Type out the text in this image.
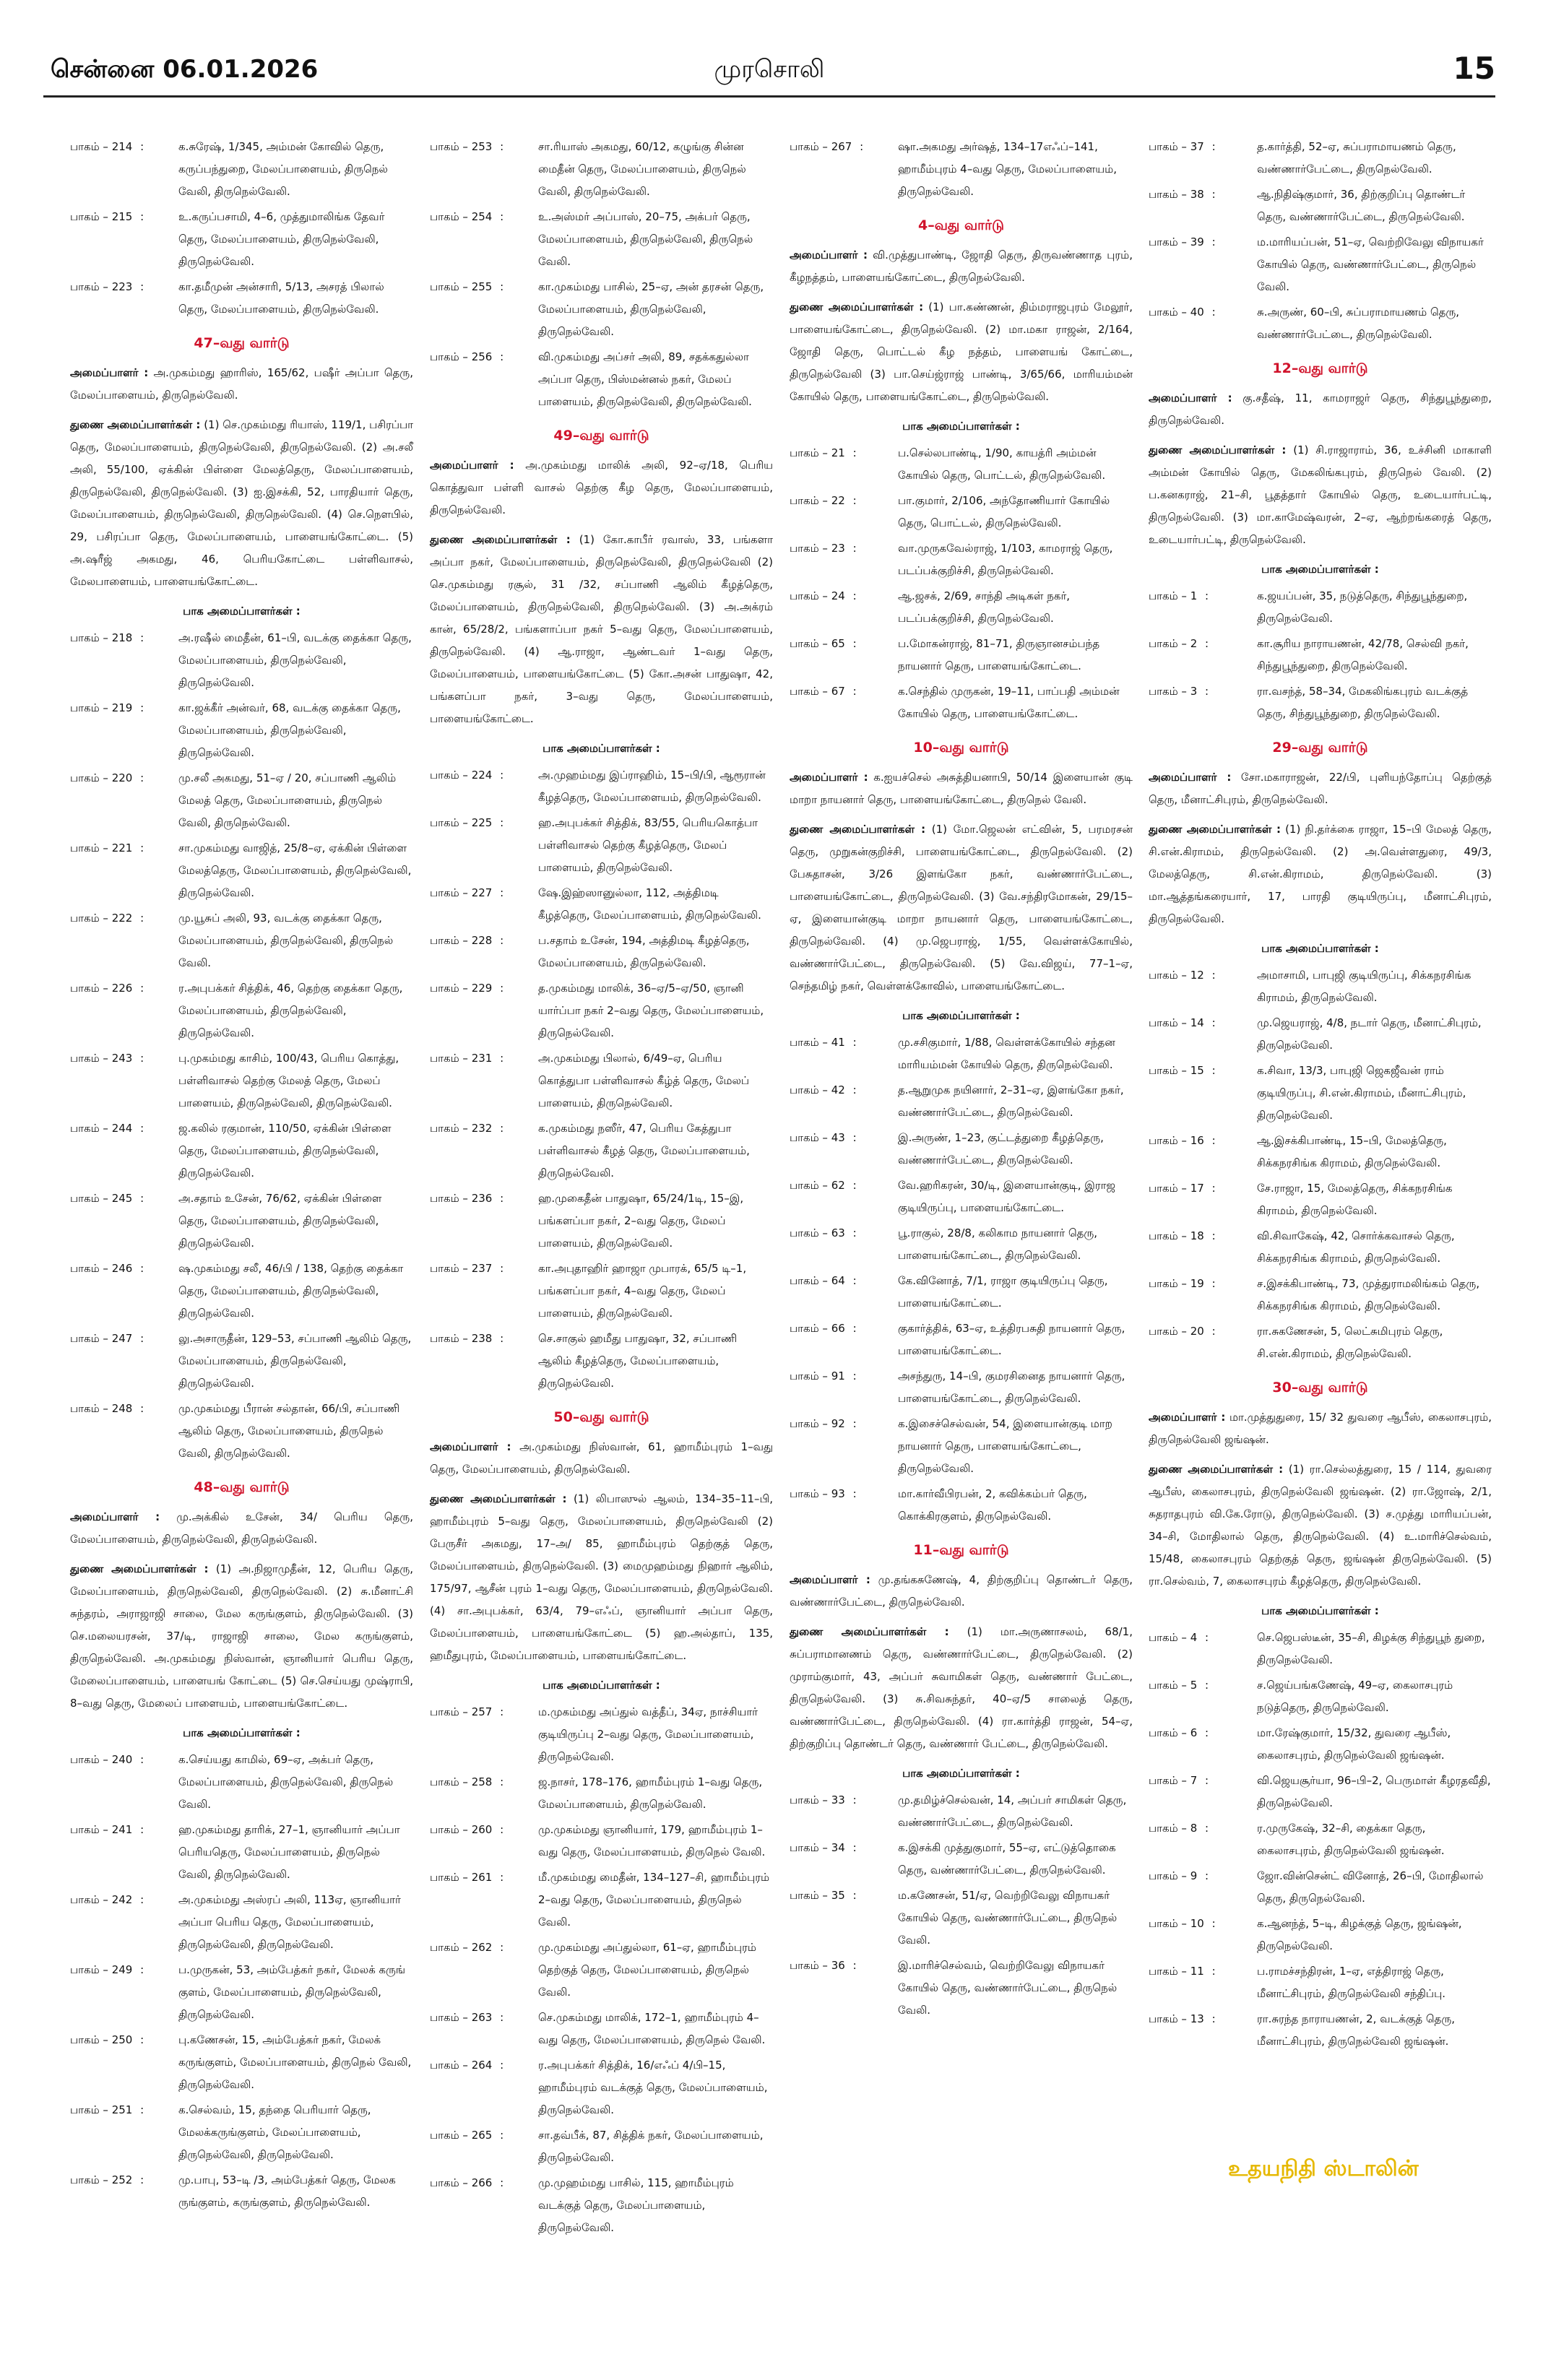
சென்னை 06.01.2026	முரசொலி	15
பாகம் – 214 :	க.சுரேஷ், 1/345, அம்மன் கோவில் தெரு, கருப்பந்துறை, மேலப்பாளையம், திருநெல் வேலி, திருநெல்வேலி.
பாகம் – 215 :	உ.கருப்பசாமி, 4–6, முத்துமாலிங்க தேவர் தெரு, மேலப்பாளையம், திருநெல்வேலி, திருநெல்வேலி.
பாகம் – 223 :	கா.தமீமுன் அன்சாரி, 5/13, அசரத் பிலால் தெரு, மேலப்பாளையம், திருநெல்வேலி.
47–வது வார்டு
அமைப்பாளர் : அ.முகம்மது ஹாரிஸ், 165/62, பஷீர் அப்பா தெரு, மேலப்பாளையம், திருநெல்வேலி.
துணை அமைப்பாளர்கள் : (1) செ.முகம்மது ரியாஸ், 119/1, பசிரப்பா தெரு, மேலப்பாளையம், திருநெல்வேலி, திருநெல்வேலி. (2) அ.சலீ அலி, 55/100, ஏக்கின் பிள்ளை மேலத்தெரு, மேலப்பாளையம், திருநெல்வேலி, திருநெல்வேலி. (3) ஐ.இசக்கி, 52, பாரதியார் தெரு, மேலப்பாளையம், திருநெல்வேலி, திருநெல்வேலி. (4) செ.நௌபில், 29, பசிரப்பா தெரு, மேலப்பாளையம், பாளையங்கோட்டை. (5) அ.ஷரீஜ் அகமது, 46, பெரியகோட்டை பள்ளிவாசல், மேலபாளையம், பாளையங்கோட்டை.
பாக அமைப்பாளர்கள் :
பாகம் – 218 :	அ.ரஷீல் மைதீன், 61–பி, வடக்கு தைக்கா தெரு, மேலப்பாளையம், திருநெல்வேலி, திருநெல்வேலி.
பாகம் – 219 :	கா.ஜக்கீர் அன்வர், 68, வடக்கு தைக்கா தெரு, மேலப்பாளையம், திருநெல்வேலி, திருநெல்வேலி.
பாகம் – 220 :	மு.சலீ அகமது, 51–ஏ / 20, சப்பாணி ஆலிம் மேலத் தெரு, மேலப்பாளையம், திருநெல் வேலி, திருநெல்வேலி.
பாகம் – 221 :	சா.முகம்மது வாஜித், 25/8–ஏ, ஏக்கின் பிள்ளை மேலத்தெரு, மேலப்பாளையம், திருநெல்வேலி, திருநெல்வேலி.
பாகம் – 222 :	மு.யூசுப் அலி, 93, வடக்கு தைக்கா தெரு, மேலப்பாளையம், திருநெல்வேலி, திருநெல் வேலி.
பாகம் – 226 :	ர.அபுபக்கர் சித்திக், 46, தெற்கு தைக்கா தெரு, மேலப்பாளையம், திருநெல்வேலி, திருநெல்வேலி.
பாகம் – 243 :	பு.முகம்மது காசிம், 100/43, பெரிய கொத்து, பள்ளிவாசல் தெற்கு மேலத் தெரு, மேலப் பாளையம், திருநெல்வேலி, திருநெல்வேலி.
பாகம் – 244 :	ஜ.கலில் ரகுமான், 110/50, ஏக்கின் பிள்ளை தெரு, மேலப்பாளையம், திருநெல்வேலி, திருநெல்வேலி.
பாகம் – 245 :	அ.சதாம் உசேன், 76/62, ஏக்கின் பிள்ளை தெரு, மேலப்பாளையம், திருநெல்வேலி, திருநெல்வேலி.
பாகம் – 246 :	ஷ.முகம்மது சலீ, 46/பி / 138, தெற்கு தைக்கா தெரு, மேலப்பாளையம், திருநெல்வேலி, திருநெல்வேலி.
பாகம் – 247 :	லு.அசாருதீன், 129–53, சப்பாணி ஆலிம் தெரு, மேலப்பாளையம், திருநெல்வேலி, திருநெல்வேலி.
பாகம் – 248 :	மு.முகம்மது பீரான் சல்தான், 66/பி, சப்பாணி ஆலிம் தெரு, மேலப்பாளையம், திருநெல் வேலி, திருநெல்வேலி.
48–வது வார்டு
அமைப்பாளர் : மு.அக்கில் உசேன், 34/ பெரிய தெரு, மேலப்பாளையம், திருநெல்வேலி, திருநெல்வேலி.
துணை அமைப்பாளர்கள் : (1) அ.நிஜாமுதீன், 12, பெரிய தெரு, மேலப்பாளையம், திருநெல்வேலி, திருநெல்வேலி. (2) சு.மீனாட்சி சுந்தரம், அராஜாஜி சாலை, மேல கருங்குளம், திருநெல்வேலி. (3) செ.மலையரசன், 37/டி, ராஜாஜி சாலை, மேல கருங்குளம், திருநெல்வேலி. அ.முகம்மது நிஸ்வான், ஞானியார் பெரிய தெரு, மேலைப்பாளையம், பாளையங் கோட்டை (5) செ.செய்யது முஷ்ராபி, 8–வது தெரு, மேலைப் பாளையம், பாளையங்கோட்டை.
பாக அமைப்பாளர்கள் :
பாகம் – 240 :	க.செய்யது காமில், 69–ஏ, அக்பர் தெரு, மேலப்பாளையம், திருநெல்வேலி, திருநெல் வேலி.
பாகம் – 241 :	ஹ.முகம்மது தாரிக், 27–1, ஞானியார் அப்பா பெரியதெரு, மேலப்பாளையம், திருநெல் வேலி, திருநெல்வேலி.
பாகம் – 242 :	அ.முகம்மது அஸ்ரப் அலி, 113ஏ, ஞானியார் அப்பா பெரிய தெரு, மேலப்பாளையம், திருநெல்வேலி, திருநெல்வேலி.
பாகம் – 249 :	ப.முருகன், 53, அம்பேத்கர் நகர், மேலக் கருங் குளம், மேலப்பாளையம், திருநெல்வேலி, திருநெல்வேலி.
பாகம் – 250 :	பு.கணேசன், 15, அம்பேத்கர் நகர், மேலக் கருங்குளம், மேலப்பாளையம், திருநெல் வேலி, திருநெல்வேலி.
பாகம் – 251 :	க.செல்வம், 15, தந்தை பெரியார் தெரு, மேலக்கருங்குளம், மேலப்பாளையம், திருநெல்வேலி, திருநெல்வேலி.
பாகம் – 252 :	மு.பாபு, 53–டி /3, அம்பேத்கர் தெரு, மேலக ருங்குளம், கருங்குளம், திருநெல்வேலி.
பாகம் – 253 :	சா.ரியாஸ் அகமது, 60/12, கழுங்கு சின்ன மைதீன் தெரு, மேலப்பாளையம், திருநெல் வேலி, திருநெல்வேலி.
பாகம் – 254 :	உ.அஸ்மர் அப்பாஸ், 20–75, அக்பர் தெரு, மேலப்பாளையம், திருநெல்வேலி, திருநெல் வேலி.
பாகம் – 255 :	கா.முகம்மது பாசில், 25–ஏ, அன் தரசன் தெரு, மேலப்பாளையம், திருநெல்வேலி, திருநெல்வேலி.
பாகம் – 256 :	வி.முகம்மது அப்சர் அலி, 89, சதக்கதுல்லா அப்பா தெரு, பிஸ்மன்னல் நகர், மேலப் பாளையம், திருநெல்வேலி, திருநெல்வேலி.
49–வது வார்டு
அமைப்பாளர் : அ.முகம்மது மாலிக் அலி, 92–ஏ/18, பெரிய கொத்துவா பள்ளி வாசல் தெற்கு கீழ தெரு, மேலப்பாளையம், திருநெல்வேலி.
துணை அமைப்பாளர்கள் : (1) கோ.காபீர் ரவாஸ், 33, பங்களா அப்பா நகர், மேலப்பாளையம், திருநெல்வேலி, திருநெல்வேலி (2) செ.முகம்மது ரசூல், 31 /32, சப்பாணி ஆலிம் கீழத்தெரு, மேலப்பாளையம், திருநெல்வேலி, திருநெல்வேலி. (3) அ.அக்ரம் கான், 65/28/2, பங்களாப்பா நகர் 5–வது தெரு, மேலப்பாளையம், திருநெல்வேலி. (4) ஆ.ராஜா, ஆண்டவர் 1–வது தெரு, மேலப்பாளையம், பாளையங்கோட்டை (5) கோ.அசன் பாதுஷா, 42, பங்களப்பா நகர், 3–வது தெரு, மேலப்பாளையம், பாளையங்கோட்டை.
பாக அமைப்பாளர்கள் :
பாகம் – 224 :	அ.முஹம்மது இப்ராஹிம், 15–பி/பி, ஆரூரான் கீழத்தெரு, மேலப்பாளையம், திருநெல்வேலி.
பாகம் – 225 :	ஹ.அபுபக்கர் சித்திக், 83/55, பெரியகொத்பா பள்ளிவாசல் தெற்கு கீழத்தெரு, மேலப் பாளையம், திருநெல்வேலி.
பாகம் – 227 :	ஷே.இஹ்ஸானுல்லா, 112, அத்திமடி கீழத்தெரு, மேலப்பாளையம், திருநெல்வேலி.
பாகம் – 228 :	ப.சதாம் உசேன், 194, அத்திமடி கீழத்தெரு, மேலப்பாளையம், திருநெல்வேலி.
பாகம் – 229 :	த.முகம்மது மாலிக், 36–ஏ/5–ஏ/50, ஞானி யார்ப்பா நகர் 2–வது தெரு, மேலப்பாளையம், திருநெல்வேலி.
பாகம் – 231 :	அ.முகம்மது பிலால், 6/49–ஏ, பெரிய கொத்துபா பள்ளிவாசல் கீழ்த் தெரு, மேலப் பாளையம், திருநெல்வேலி.
பாகம் – 232 :	க.முகம்மது நஸீர், 47, பெரிய கேத்துபா பள்ளிவாசல் கீழத் தெரு, மேலப்பாளையம், திருநெல்வேலி.
பாகம் – 236 :	ஹ.முகைதீன் பாதுஷா, 65/24/1டி, 15–இ, பங்களப்பா நகர், 2–வது தெரு, மேலப் பாளையம், திருநெல்வேலி.
பாகம் – 237 :	கா.அபுதாஹிர் ஹாஜா முபாரக், 65/5 டி–1, பங்களப்பா நகர், 4–வது தெரு, மேலப் பாளையம், திருநெல்வேலி.
பாகம் – 238 :	செ.சாகுல் ஹமீது பாதுஷா, 32, சப்பாணி ஆலிம் கீழத்தெரு, மேலப்பாளையம், திருநெல்வேலி.
50–வது வார்டு
அமைப்பாளர் : அ.முகம்மது நிஸ்வான், 61, ஹாமீம்புரம் 1–வது தெரு, மேலப்பாளையம், திருநெல்வேலி.
துணை அமைப்பாளர்கள் : (1) லிபாஸுல் ஆலம், 134–35–11–பி, ஹாமீம்புரம் 5–வது தெரு, மேலப்பாளையம், திருநெல்வேலி (2) பேருசீர் அகமது, 17–அ/ 85, ஹாமீம்புரம் தெற்குத் தெரு, மேலப்பாளையம், திருநெல்வேலி. (3) மைமுஹம்மது நிஹார் ஆலிம், 175/97, ஆசீன் புரம் 1–வது தெரு, மேலப்பாளையம், திருநெல்வேலி. (4) சா.அபுபக்கர், 63/4, 79–எஃப், ஞானியார் அப்பா தெரு, மேலப்பாளையம், பாளையங்கோட்டை (5) ஹ.அல்தாப், 135, ஹமீதுபுரம், மேலப்பாளையம், பாளையங்கோட்டை.
பாக அமைப்பாளர்கள் :
பாகம் – 257 :	ம.முகம்மது அப்துல் வத்தீப், 34ஏ, நாச்சியார் குடியிருப்பு 2–வது தெரு, மேலப்பாளையம், திருநெல்வேலி.
பாகம் – 258 :	ஜ.நாசர், 178–176, ஹாமீம்புரம் 1–வது தெரு, மேலப்பாளையம், திருநெல்வேலி.
பாகம் – 260 :	மு.முகம்மது ஞானியார், 179, ஹாமீம்புரம் 1–வது தெரு, மேலப்பாளையம், திருநெல் வேலி.
பாகம் – 261 :	மீ.முகம்மது மைதீன், 134–127–சி, ஹாமீம்புரம் 2–வது தெரு, மேலப்பாளையம், திருநெல் வேலி.
பாகம் – 262 :	மு.முகம்மது அப்துல்லா, 61–ஏ, ஹாமீம்புரம் தெற்குத் தெரு, மேலப்பாளையம், திருநெல் வேலி.
பாகம் – 263 :	செ.முகம்மது மாலிக், 172–1, ஹாமீம்புரம் 4–வது தெரு, மேலப்பாளையம், திருநெல் வேலி.
பாகம் – 264 :	ர.அபுபக்கர் சித்திக், 16/எஃப் 4/பி–15, ஹாமீம்புரம் வடக்குத் தெரு, மேலப்பாளையம், திருநெல்வேலி.
பாகம் – 265 :	சா.தவ்பீக், 87, சித்திக் நகர், மேலப்பாளையம், திருநெல்வேலி.
பாகம் – 266 :	மு.முஹம்மது பாசில், 115, ஹாமீம்புரம் வடக்குத் தெரு, மேலப்பாளையம், திருநெல்வேலி.
பாகம் – 267 :	ஷா.அகமது அர்ஷத், 134–17எஃப்–141, ஹாமீம்புரம் 4–வது தெரு, மேலப்பாளையம், திருநெல்வேலி.
4–வது வார்டு
அமைப்பாளர் : வி.முத்துபாண்டி, ஜோதி தெரு, திருவண்ணாத புரம், கீழநத்தம், பாளையங்கோட்டை, திருநெல்வேலி.
துணை அமைப்பாளர்கள் : (1) பா.கண்ணன், திம்மராஜபுரம் மேலூர், பாளையங்கோட்டை, திருநெல்வேலி. (2) மா.மகா ராஜன், 2/164, ஜோதி தெரு, பொட்டல் கீழ நத்தம், பாளையங் கோட்டை, திருநெல்வேலி (3) பா.செய்ஜ்ராஜ் பாண்டி, 3/65/66, மாரியம்மன் கோயில் தெரு, பாளையங்கோட்டை, திருநெல்வேலி.
பாக அமைப்பாளர்கள் :
பாகம் – 21 :	ப.செல்லபாண்டி, 1/90, காயத்ரி அம்மன் கோயில் தெரு, பொட்டல், திருநெல்வேலி.
பாகம் – 22 :	பா.குமார், 2/106, அந்தோணியார் கோயில் தெரு, பொட்டல், திருநெல்வேலி.
பாகம் – 23 :	வா.முருகவேல்ராஜ், 1/103, காமராஜ் தெரு, படப்பக்குறிச்சி, திருநெல்வேலி.
பாகம் – 24 :	ஆ.ஜசக், 2/69, சாந்தி அடிகள் நகர், படப்பக்குறிச்சி, திருநெல்வேலி.
பாகம் – 65 :	ப.மோகன்ராஜ், 81–71, திருஞானசம்பந்த நாயனார் தெரு, பாளையங்கோட்டை.
பாகம் – 67 :	க.செந்தில் முருகன், 19–11, பாப்பதி அம்மன் கோயில் தெரு, பாளையங்கோட்டை.
10–வது வார்டு
அமைப்பாளர் : க.ஐயச்செல் அசுத்தியனாபி, 50/14 இளையான் குடி மாறா நாயனார் தெரு, பாளையங்கோட்டை, திருநெல் வேலி.
துணை அமைப்பாளர்கள் : (1) மோ.ஜெலன் எட்வின், 5, பரமரசன் தெரு, முறுகன்குறிச்சி, பாளையங்கோட்டை, திருநெல்வேலி. (2) பேசுதாசன், 3/26 இளங்கோ நகர், வண்ணார்பேட்டை, பாளையங்கோட்டை, திருநெல்வேலி. (3) வே.சந்திரமோகன், 29/15–ஏ, இளையான்குடி மாறா நாயனார் தெரு, பாளையங்கோட்டை, திருநெல்வேலி. (4) மு.ஜெபராஜ், 1/55, வெள்ளக்கோயில், வண்ணார்பேட்டை, திருநெல்வேலி. (5) வே.விஜய், 77–1–ஏ, செந்தமிழ் நகர், வெள்ளக்கோவில், பாளையங்கோட்டை.
பாக அமைப்பாளர்கள் :
பாகம் – 41 :	மு.சசிகுமார், 1/88, வெள்ளக்கோயில் சந்தன மாரியம்மன் கோயில் தெரு, திருநெல்வேலி.
பாகம் – 42 :	த.ஆறுமுக நயினார், 2–31–ஏ, இளங்கோ நகர், வண்ணார்பேட்டை, திருநெல்வேலி.
பாகம் – 43 :	இ.அருண், 1–23, குட்டத்துறை கீழத்தெரு, வண்ணார்பேட்டை, திருநெல்வேலி.
பாகம் – 62 :	வே.ஹரிகரன், 30/டி, இளையான்குடி, இராஜ குடியிருப்பு, பாளையங்கோட்டை.
பாகம் – 63 :	பூ.ராகுல், 28/8, கலிகாம நாயனார் தெரு, பாளையங்கோட்டை, திருநெல்வேலி.
பாகம் – 64 :	கே.வினோத், 7/1, ராஜா குடியிருப்பு தெரு, பாளையங்கோட்டை.
பாகம் – 66 :	குகார்த்திக், 63–ஏ, உத்திரபசுதி நாயனார் தெரு, பாளையங்கோட்டை.
பாகம் – 91 :	அசந்துரு, 14–பி, குமரசினைத நாயனார் தெரு, பாளையங்கோட்டை, திருநெல்வேலி.
பாகம் – 92 :	க.இசைச்செல்வன், 54, இளையான்குடி மாற நாயனார் தெரு, பாளையங்கோட்டை, திருநெல்வேலி.
பாகம் – 93 :	மா.கார்வீபிரபன், 2, கவிக்கம்பர் தெரு, கொக்கிரகுளம், திருநெல்வேலி.
11–வது வார்டு
அமைப்பாளர் : மு.தங்கசுணேஷ், 4, திற்குறிப்பு தொண்டர் தெரு, வண்ணார்பேட்டை, திருநெல்வேலி.
துணை அமைப்பாளர்கள் : (1) மா.அருணாசலம், 68/1, சுப்பராமானணம் தெரு, வண்ணார்பேட்டை, திருநெல்வேலி. (2) முராம்குமார், 43, அப்பர் சுவாமிகள் தெரு, வண்ணார் பேட்டை, திருநெல்வேலி. (3) சு.சிவசுந்தர், 40–ஏ/5 சாலைத் தெரு, வண்ணார்பேட்டை, திருநெல்வேலி. (4) ரா.கார்த்தி ராஜன், 54–ஏ, திற்குறிப்பு தொண்டர் தெரு, வண்ணார் பேட்டை, திருநெல்வேலி.
பாக அமைப்பாளர்கள் :
பாகம் – 33 :	மு.தமிழ்ச்செல்வன், 14, அப்பர் சாமிகள் தெரு, வண்ணார்பேட்டை, திருநெல்வேலி.
பாகம் – 34 :	க.இசக்கி முத்துகுமார், 55–ஏ, எட்டுத்தொகை தெரு, வண்ணார்பேட்டை, திருநெல்வேலி.
பாகம் – 35 :	ம.கணேசன், 51/ஏ, வெற்றிவேலு விநாயகர் கோயில் தெரு, வண்ணார்பேட்டை, திருநெல் வேலி.
பாகம் – 36 :	இ.மாரிச்செல்வம், வெற்றிவேலு விநாயகர் கோயில் தெரு, வண்ணார்பேட்டை, திருநெல் வேலி.
பாகம் – 37 :	த.கார்த்தி, 52–ஏ, சுப்பராமாயணம் தெரு, வண்ணார்பேட்டை, திருநெல்வேலி.
பாகம் – 38 :	ஆ.நிதிஷ்குமார், 36, திற்குறிப்பு தொண்டர் தெரு, வண்ணார்பேட்டை, திருநெல்வேலி.
பாகம் – 39 :	ம.மாரியப்பன், 51–ஏ, வெற்றிவேலு விநாயகர் கோயில் தெரு, வண்ணார்பேட்டை, திருநெல் வேலி.
பாகம் – 40 :	சு.அருண், 60–பி, சுப்பராமாயணம் தெரு, வண்ணார்பேட்டை, திருநெல்வேலி.
12–வது வார்டு
அமைப்பாளர் : கு.சதீஷ், 11, காமராஜர் தெரு, சிந்துபூந்துறை, திருநெல்வேலி.
துணை அமைப்பாளர்கள் : (1) சி.ராஜாராம், 36, உச்சினி மாகாளி அம்மன் கோயில் தெரு, மேகலிங்கபுரம், திருநெல் வேலி. (2) ப.கனகராஜ், 21–சி, பூதத்தார் கோயில் தெரு, உடையார்பட்டி, திருநெல்வேலி. (3) மா.காமேஷ்வரன், 2–ஏ, ஆற்றங்கரைத் தெரு, உடையார்பட்டி, திருநெல்வேலி.
பாக அமைப்பாளர்கள் :
பாகம் – 1 :	க.ஜயப்பன், 35, நடுத்தெரு, சிந்துபூந்துறை, திருநெல்வேலி.
பாகம் – 2 :	கா.சூரிய நாராயணன், 42/78, செல்வி நகர், சிந்துபூந்துறை, திருநெல்வேலி.
பாகம் – 3 :	ரா.வசந்த், 58–34, மேகலிங்கபுரம் வடக்குத் தெரு, சிந்துபூந்துறை, திருநெல்வேலி.
29–வது வார்டு
அமைப்பாளர் : சோ.மகாராஜன், 22/பி, புளியந்தோப்பு தெற்குத் தெரு, மீனாட்சிபுரம், திருநெல்வேலி.
துணை அமைப்பாளர்கள் : (1) நி.தர்க்கை ராஜா, 15–பி மேலத் தெரு, சி.என்.கிராமம், திருநெல்வேலி. (2) அ.வெள்ளதுரை, 49/3, மேலத்தெரு, சி.என்.கிராமம், திருநெல்வேலி. (3) மா.ஆத்தங்கரையார், 17, பாரதி குடியிருப்பு, மீனாட்சிபுரம், திருநெல்வேலி.
பாக அமைப்பாளர்கள் :
பாகம் – 12 :	அமாசாமி, பாபுஜி குடியிருப்பு, சிக்கநரசிங்க கிராமம், திருநெல்வேலி.
பாகம் – 14 :	மு.ஜெயராஜ், 4/8, நடார் தெரு, மீனாட்சிபுரம், திருநெல்வேலி.
பாகம் – 15 :	க.சிவா, 13/3, பாபுஜி ஜெகஜீவன் ராம் குடியிருப்பு, சி.என்.கிராமம், மீனாட்சிபுரம், திருநெல்வேலி.
பாகம் – 16 :	ஆ.இசக்கிபாண்டி, 15–பி, மேலத்தெரு, சிக்கநரசிங்க கிராமம், திருநெல்வேலி.
பாகம் – 17 :	சே.ராஜா, 15, மேலத்தெரு, சிக்கநரசிங்க கிராமம், திருநெல்வேலி.
பாகம் – 18 :	வி.சிவாகேஷ், 42, சொர்க்கவாசல் தெரு, சிக்கநரசிங்க கிராமம், திருநெல்வேலி.
பாகம் – 19 :	ச.இசக்கிபாண்டி, 73, முத்துராமலிங்கம் தெரு, சிக்கநரசிங்க கிராமம், திருநெல்வேலி.
பாகம் – 20 :	ரா.சுகணேசன், 5, லெட்சுமிபுரம் தெரு, சி.என்.கிராமம், திருநெல்வேலி.
30–வது வார்டு
அமைப்பாளர் : மா.முத்துதுரை, 15/ 32 துவரை ஆபீஸ், கைலாசபுரம், திருநெல்வேலி ஜங்ஷன்.
துணை அமைப்பாளர்கள் : (1) ரா.செல்லத்துரை, 15 / 114, துவரை ஆபீஸ், கைலாசபுரம், திருநெல்வேலி ஜங்ஷன். (2) ரா.ஜோஷ், 2/1, சுதராதபுரம் வி.கே.ரோடு, திருநெல்வேலி. (3) ச.முத்து மாரியப்பன், 34–சி, மோதிலால் தெரு, திருநெல்வேலி. (4) உ.மாரிச்செல்வம், 15/48, கைலாசபுரம் தெற்குத் தெரு, ஜங்ஷன் திருநெல்வேலி. (5) ரா.செல்வம், 7, கைலாசபுரம் கீழத்தெரு, திருநெல்வேலி.
பாக அமைப்பாளர்கள் :
பாகம் – 4 :	செ.ஜெபஸ்டீன், 35–சி, கிழக்கு சிந்துபூந் துறை, திருநெல்வேலி.
பாகம் – 5 :	ச.ஜெய்பங்கணேஷ், 49–ஏ, கைலாசபுரம் நடுத்தெரு, திருநெல்வேலி.
பாகம் – 6 :	மா.ரேஷ்குமார், 15/32, துவரை ஆபீஸ், கைலாசபுரம், திருநெல்வேலி ஜங்ஷன்.
பாகம் – 7 :	வி.ஜெயசூர்யா, 96–பி–2, பெருமாள் கீழரதவீதி, திருநெல்வேலி.
பாகம் – 8 :	ர.முருகேஷ், 32–சி, தைக்கா தெரு, கைலாசபுரம், திருநெல்வேலி ஜங்ஷன்.
பாகம் – 9 :	ஜோ.வின்சென்ட் வினோத், 26–பி, மோதிலால் தெரு, திருநெல்வேலி.
பாகம் – 10 :	க.ஆனந்த், 5–டி, கிழக்குத் தெரு, ஜங்ஷன், திருநெல்வேலி.
பாகம் – 11 :	ப.ராமச்சந்திரன், 1–ஏ, எத்திராஜ் தெரு, மீனாட்சிபுரம், திருநெல்வேலி சந்திப்பு.
பாகம் – 13 :	ரா.சுரந்த நாராயணன், 2, வடக்குத் தெரு, மீனாட்சிபுரம், திருநெல்வேலி ஜங்ஷன்.
உதயநிதி ஸ்டாலின்
